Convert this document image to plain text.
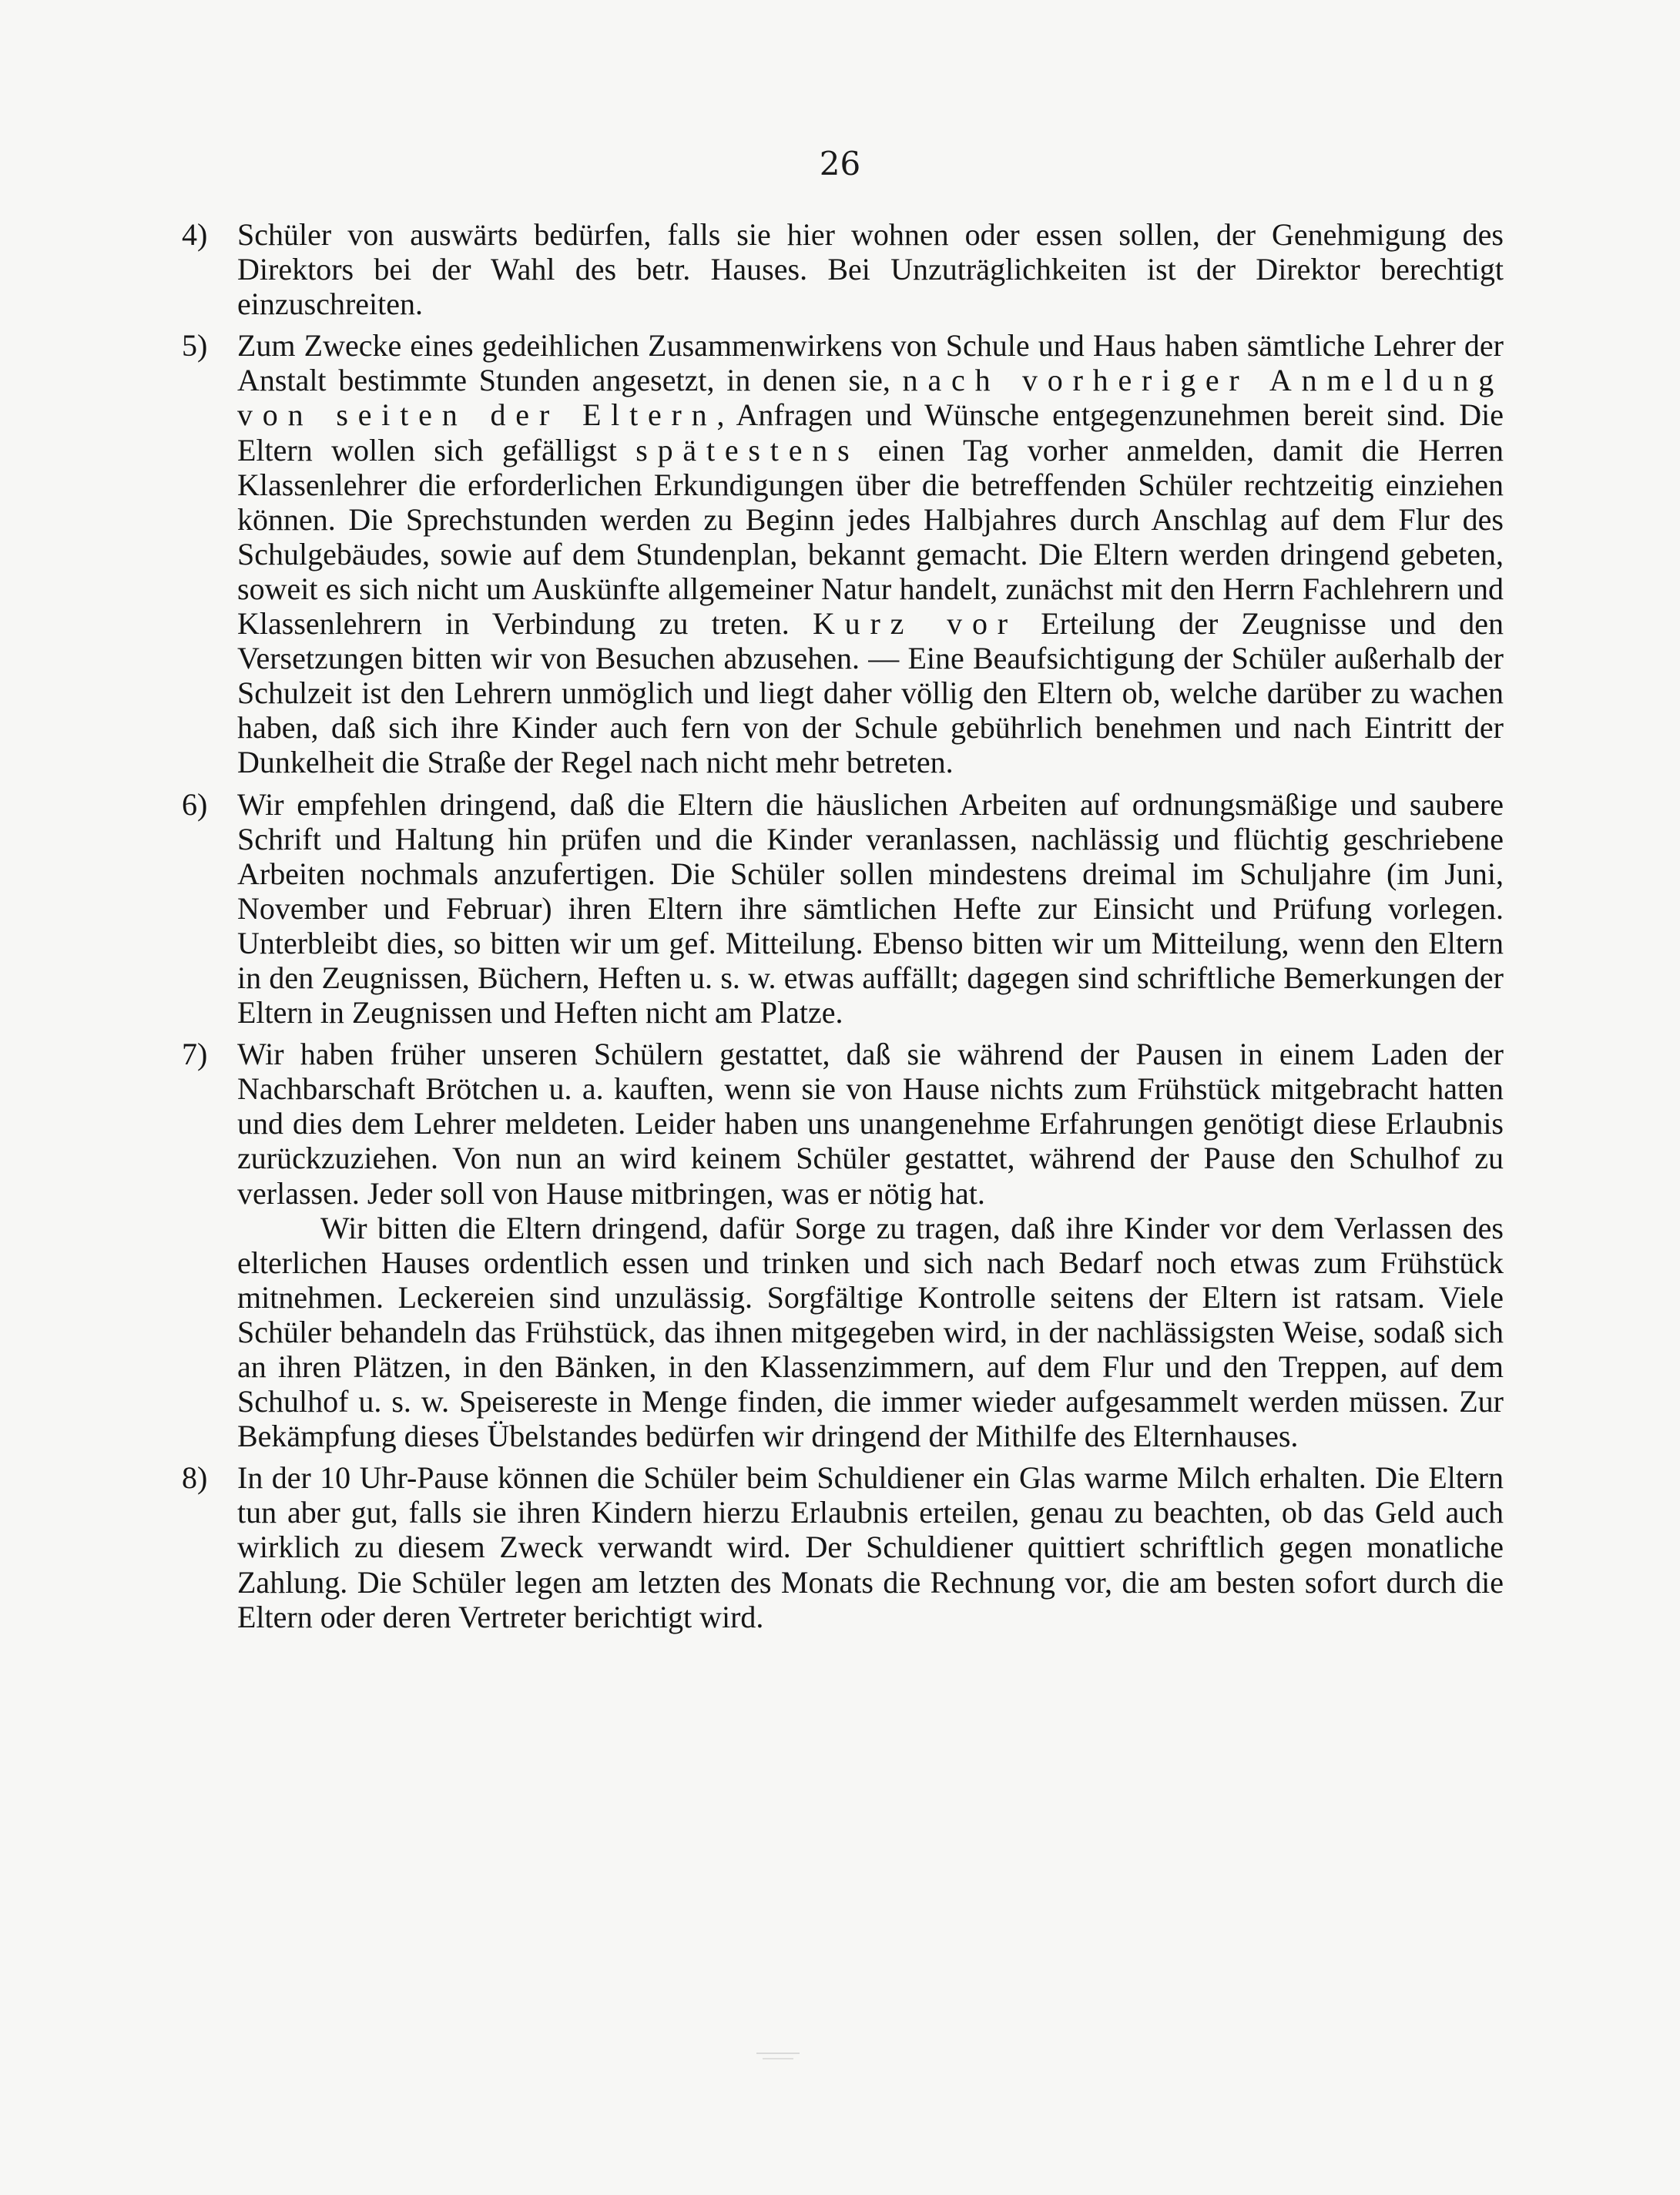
26
4) Schüler von auswärts bedürfen, falls sie hier wohnen oder essen sollen, der Genehmigung des Direktors bei der Wahl des betr. Hauses. Bei Unzuträglichkeiten ist der Direktor berechtigt einzuschreiten.

5) Zum Zwecke eines gedeihlichen Zusammenwirkens von Schule und Haus haben sämtliche Lehrer der Anstalt bestimmte Stunden angesetzt, in denen sie, nach vorheriger Anmeldung von seiten der Eltern, Anfragen und Wünsche entgegenzunehmen bereit sind. Die Eltern wollen sich gefälligst spätestens einen Tag vorher anmelden, damit die Herren Klassenlehrer die erforderlichen Erkundigungen über die betreffenden Schüler rechtzeitig einziehen können. Die Sprechstunden werden zu Beginn jedes Halbjahres durch Anschlag auf dem Flur des Schulgebäudes, sowie auf dem Stundenplan, bekannt gemacht. Die Eltern werden dringend gebeten, soweit es sich nicht um Auskünfte allgemeiner Natur handelt, zunächst mit den Herrn Fachlehrern und Klassenlehrern in Verbindung zu treten. Kurz vor Erteilung der Zeugnisse und den Versetzungen bitten wir von Besuchen abzusehen. — Eine Beaufsichtigung der Schüler außerhalb der Schulzeit ist den Lehrern unmöglich und liegt daher völlig den Eltern ob, welche darüber zu wachen haben, daß sich ihre Kinder auch fern von der Schule gebührlich benehmen und nach Eintritt der Dunkelheit die Straße der Regel nach nicht mehr betreten.

6) Wir empfehlen dringend, daß die Eltern die häuslichen Arbeiten auf ordnungsmäßige und saubere Schrift und Haltung hin prüfen und die Kinder veranlassen, nachlässig und flüchtig geschriebene Arbeiten nochmals anzufertigen. Die Schüler sollen mindestens dreimal im Schuljahre (im Juni, November und Februar) ihren Eltern ihre sämtlichen Hefte zur Einsicht und Prüfung vorlegen. Unterbleibt dies, so bitten wir um gef. Mitteilung. Ebenso bitten wir um Mitteilung, wenn den Eltern in den Zeugnissen, Büchern, Heften u. s. w. etwas auffällt; dagegen sind schriftliche Bemerkungen der Eltern in Zeugnissen und Heften nicht am Platze.

7) Wir haben früher unseren Schülern gestattet, daß sie während der Pausen in einem Laden der Nachbarschaft Brötchen u. a. kauften, wenn sie von Hause nichts zum Frühstück mitgebracht hatten und dies dem Lehrer meldeten. Leider haben uns unangenehme Erfahrungen genötigt diese Erlaubnis zurückzuziehen. Von nun an wird keinem Schüler gestattet, während der Pause den Schulhof zu verlassen. Jeder soll von Hause mitbringen, was er nötig hat.

Wir bitten die Eltern dringend, dafür Sorge zu tragen, daß ihre Kinder vor dem Verlassen des elterlichen Hauses ordentlich essen und trinken und sich nach Bedarf noch etwas zum Frühstück mitnehmen. Leckereien sind unzulässig. Sorgfältige Kontrolle seitens der Eltern ist ratsam. Viele Schüler behandeln das Frühstück, das ihnen mitgegeben wird, in der nachlässigsten Weise, sodaß sich an ihren Plätzen, in den Bänken, in den Klassenzimmern, auf dem Flur und den Treppen, auf dem Schulhof u. s. w. Speisereste in Menge finden, die immer wieder aufgesammelt werden müssen. Zur Bekämpfung dieses Übelstandes bedürfen wir dringend der Mithilfe des Elternhauses.

8) In der 10 Uhr-Pause können die Schüler beim Schuldiener ein Glas warme Milch erhalten. Die Eltern tun aber gut, falls sie ihren Kindern hierzu Erlaubnis erteilen, genau zu beachten, ob das Geld auch wirklich zu diesem Zweck verwandt wird. Der Schuldiener quittiert schriftlich gegen monatliche Zahlung. Die Schüler legen am letzten des Monats die Rechnung vor, die am besten sofort durch die Eltern oder deren Vertreter berichtigt wird.
